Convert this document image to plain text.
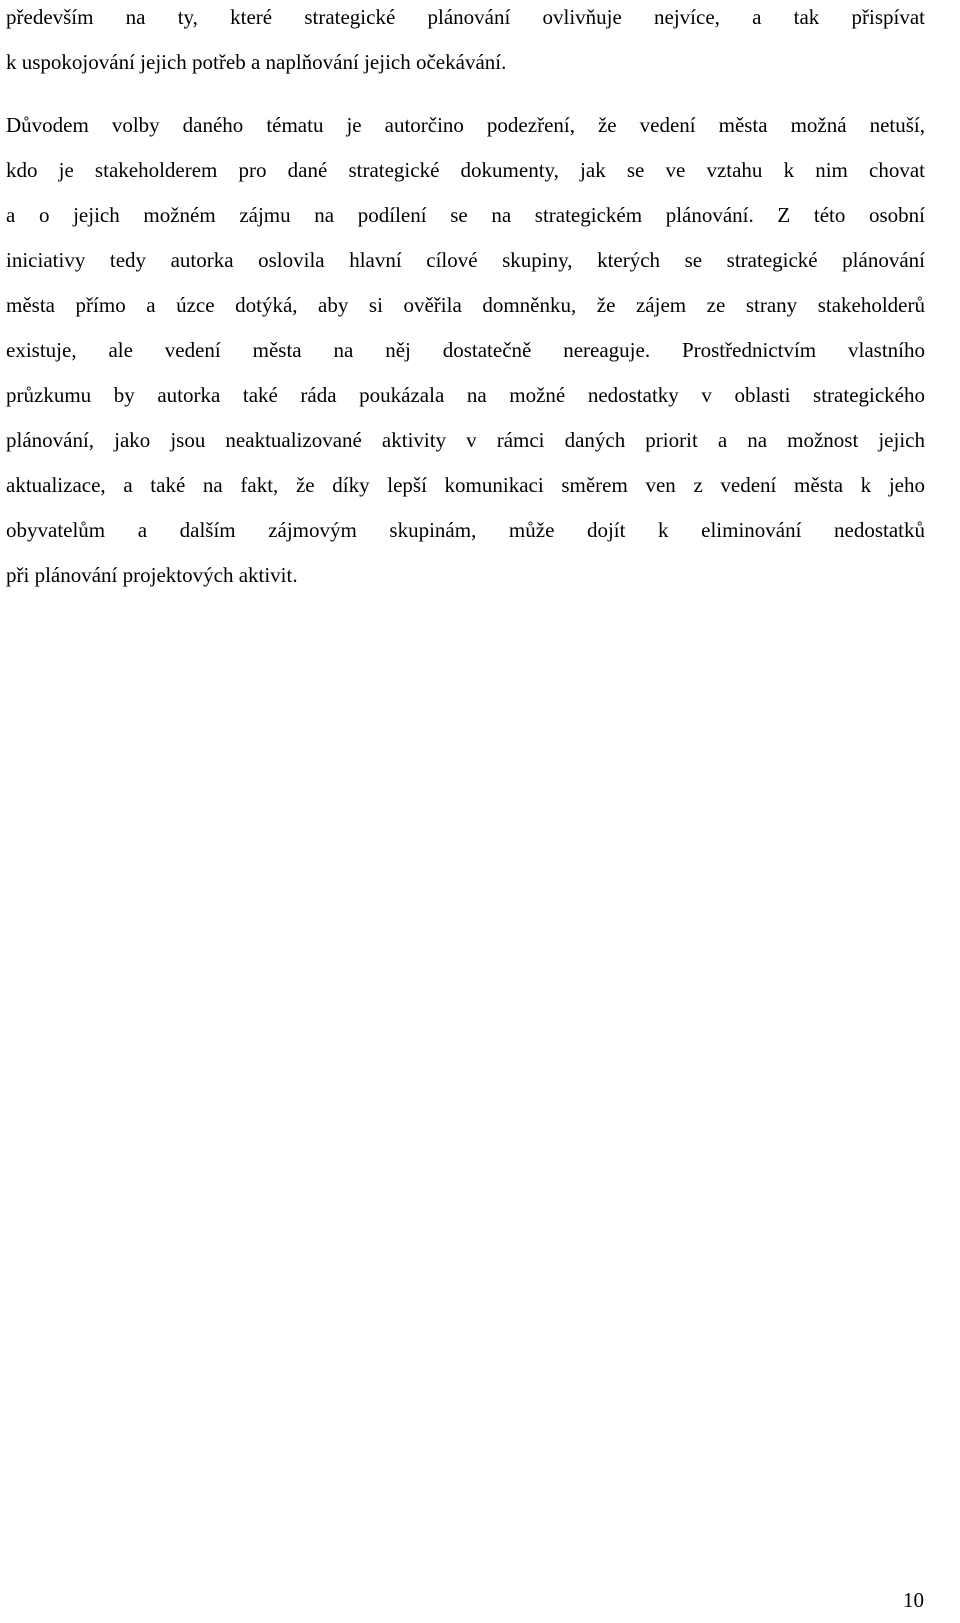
především na ty, které strategické plánování ovlivňuje nejvíce, a tak přispívat
k uspokojování jejich potřeb a naplňování jejich očekávání.
Důvodem volby daného tématu je autorčino podezření, že vedení města možná netuší,
kdo je stakeholderem pro dané strategické dokumenty, jak se ve vztahu k nim chovat
a o jejich možném zájmu na podílení se na strategickém plánování. Z této osobní
iniciativy tedy autorka oslovila hlavní cílové skupiny, kterých se strategické plánování
města přímo a úzce dotýká, aby si ověřila domněnku, že zájem ze strany stakeholderů
existuje, ale vedení města na něj dostatečně nereaguje. Prostřednictvím vlastního
průzkumu by autorka také ráda poukázala na možné nedostatky v oblasti strategického
plánování, jako jsou neaktualizované aktivity v rámci daných priorit a na možnost jejich
aktualizace, a také na fakt, že díky lepší komunikaci směrem ven z vedení města k jeho
obyvatelům a dalším zájmovým skupinám, může dojít k eliminování nedostatků
při plánování projektových aktivit.
10
